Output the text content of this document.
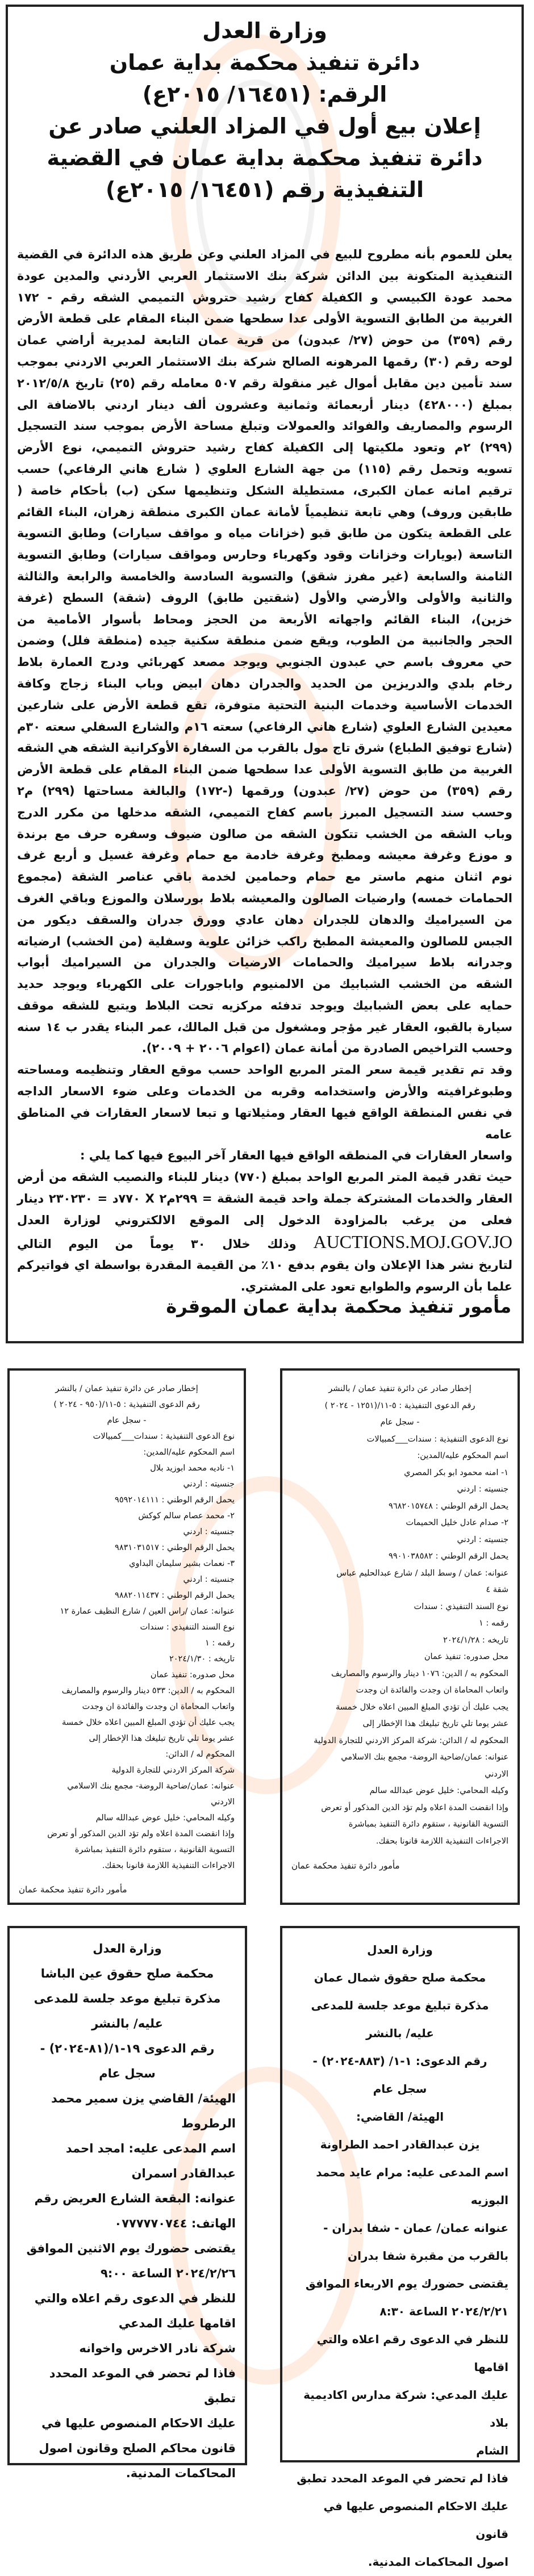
وزارة العدل
دائرة تنفيذ محكمة بداية عمان
الرقم: (١٦٤٥١/ ٢٠١٥ع)
إعلان بيع أول في المزاد العلني صادر عن
دائرة تنفيذ محكمة بداية عمان في القضية
التنفيذية رقم (١٦٤٥١/ ٢٠١٥ع)
يعلن للعموم بأنه مطروح للبيع في المزاد العلني وعن طريق هذه الدائرة في القضية
التنفيذية المتكونة بين الدائن شركة بنك الاستثمار العربي الأردني والمدين عودة
محمد عودة الكبيسي و الكفيلة كفاح رشيد حتروش التميمي الشقه رقم - ١٧٢
الغربية من الطابق التسوية الأولى عدا سطحها ضمن البناء المقام على قطعة الأرض
رقم (٣٥٩) من حوض (٢٧/ عبدون) من قرية عمان التابعة لمديرية أراضي عمان
لوحه رقم (٣٠) رقمها المرهونه الصالح شركة بنك الاستثمار العربي الاردني بموجب
سند تأمين دين مقابل أموال غير منقولة رقم ٥٠٧ معامله رقم (٢٥) تاريخ ٢٠١٢/٥/٨
بمبلغ (٤٢٨٠٠٠) دينار أربعمائة وثمانية وعشرون ألف دينار اردني بالاضافة الى
الرسوم والمصاريف والفوائد والعمولات وتبلغ مساحة الأرض بموجب سند التسجيل
(٢٩٩) ٢م وتعود ملكيتها إلى الكفيلة كفاح رشيد حتروش التميمي، نوع الأرض
تسويه وتحمل رقم (١١٥) من جهة الشارع العلوي ( شارع هاني الرفاعي) حسب
ترقيم امانه عمان الكبرى، مستطيلة الشكل وتنظيمها سكن (ب) بأحكام خاصة (
طابقين وروف) وهي تابعة تنظيمياً لأمانة عمان الكبرى منطقة زهران، البناء القائم
على القطعة يتكون من طابق قبو (خزانات مياه و مواقف سيارات) وطابق التسوية
التاسعة (بويارات وخزانات وقود وكهرباء وحارس ومواقف سيارات) وطابق التسوية
الثامنة والسابعة (غير مفرز شقق) والتسوية السادسة والخامسة والرابعة والثالثة
والثانية والأولى والأرضي والأول (شقتين طابق) الروف (شقة) السطح (غرفة
خزين)، البناء القائم واجهاته الأربعة من الحجز ومحاط بأسوار الأمامية من
الحجر والجانبية من الطوب، ويقع ضمن منطقة سكنية جيده (منطقة فلل) وضمن
حي معروف باسم حي عبدون الجنوبي ويوجد مصعد كهربائي ودرج العمارة بلاط
رخام بلدي والدريزين من الحديد والجدران دهان ابيض وباب البناء زجاج وكافة
الخدمات الأساسية وخدمات البنية التحتية متوفرة، تقع قطعة الأرض على شارعين
معيدين الشارع العلوي (شارع هاني الرفاعي) سعته ١٦م والشارع السفلي سعته ٣٠م
(شارع توفيق الطباع) شرق تاج مول بالقرب من السفارة الأوكرانية الشقه هي الشقه
الغربية من طابق التسوية الأولى عدا سطحها ضمن البناء المقام على قطعة الأرض
رقم (٣٥٩) من حوض (٢٧/ عبدون) ورقمها (-١٧٢) والبالغة مساحتها (٢٩٩) م٢
وحسب سند التسجيل المبرز باسم كفاح التميمي، الشقه مدخلها من مكرر الدرج
وباب الشقه من الخشب تتكون الشقه من صالون ضيوف وسفره حرف مع برندة
و موزع وغرفة معيشه ومطبخ وغرفة خادمة مع حمام وغرفة غسيل و أربع غرف
نوم اثنان منهم ماستر مع حمام وحمامين لخدمة باقي عناصر الشقة (مجموع
الحمامات خمسه) وارضيات الصالون والمعيشه بلاط بورسلان والموزع وباقي الغرف
من السيراميك والدهان للجدران دهان عادي وورق جدران والسقف ديكور من
الجبس للصالون والمعيشة المطبخ راكب خزائن علوية وسفلية (من الخشب) ارضياته
وجدرانه بلاط سيراميك والحمامات الارضيات والجدران من السيراميك أبواب
الشقه من الخشب الشبابيك من الالمنيوم واباجورات على الكهرباء ويوجد حديد
حمايه على بعض الشبابيك ويوجد تدفئه مركزيه تحت البلاط ويتبع للشقه موقف
سيارة بالقبو، العقار غير مؤجر ومشغول من قبل المالك، عمر البناء يقدر ب ١٤ سنه
وحسب التراخيص الصادرة من أمانة عمان (اعوام ٢٠٠٦ + ٢٠٠٩).
وقد تم تقدير قيمة سعر المتر المربع الواحد حسب موقع العقار وتنظيمه ومساحته
وطبوغرافيته والأرض واستخدامه وقربه من الخدمات وعلى ضوء الاسعار الداجه
في نفس المنطقة الواقع فيها العقار ومثيلاتها و تبعا لاسعار العقارات في المناطق عامه
واسعار العقارات في المنطقه الواقع فيها العقار آخر البيوع فيها كما يلي :
حيث تقدر قيمة المتر المربع الواحد بمبلغ (٧٧٠) دينار للبناء والنصيب الشقه من أرض
العقار والخدمات المشتركة جملة واحد قيمة الشقة = ٢٩٩م٢ X ٧٧٠د = ٢٣٠٢٣٠ دينار
فعلى من يرغب بالمزاودة الدخول إلى الموقع الالكتروني لوزارة العدل
AUCTIONS.MOJ.GOV.JO وذلك خلال ٣٠ يوماً من اليوم التالي
لتاريخ نشر هذا الإعلان وان يقوم بدفع ١٠٪ من القيمة المقدرة بواسطة اي فواتيركم
علما بأن الرسوم والطوابع تعود على المشتري.
مأمور تنفيذ محكمة بداية عمان الموقرة
إخطار صادر عن دائرة تنفيذ عمان / بالنشر
رقم الدعوى التنفيذية : ٥-١١/(٩٥٠ - ٢٠٢٤ )
- سجل عام
نوع الدعوى التنفيذية : سندات___كمبيالات
اسم المحكوم عليه/المدين:
١- ناديه محمد ابوزيد بلال
جنسيته : اردني
يحمل الرقم الوطني : ٩٥٩٢٠١٤١١١
٢- محمد عصام سالم كوكش
جنسيته : اردني
يحمل الرقم الوطني : ٩٨٣١٠٣١٥١٧
٣- نعمات بشير سليمان البداوي
جنسيته : اردني
يحمل الرقم الوطني : ٩٨٨٢٠١١٤٣٧
عنوانه: عمان /راس العين / شارع النظيف عمارة ١٢
نوع السند التنفيذي : سندات
رقمه : ١
تاريخه : ٢٠٢٤/١/٣٠
محل صدوره: تنفيذ عمان
المحكوم به / الدين: ٥٣٣ دينار والرسوم والمصاريف
واتعاب المحاماة ان وجدت والفائدة ان وجدت
يجب عليك أن تؤدي المبلغ المبين اعلاه خلال خمسة
عشر يوما تلي تاريخ تبليغك هذا الإخطار إلى
المحكوم له / الدائن:
شركة المركز الاردني للتجارة الدولية
عنوانه: عمان/ضاحية الروضة- مجمع بنك الاسلامي
الاردني
وكيله المحامي: خليل عوض عبدالله سالم
وإذا انقضت المدة اعلاه ولم تؤد الدين المذكور أو تعرض
التسوية القانونية ، ستقوم دائرة التنفيذ بمباشرة
الاجراءات التنفيذية اللازمة قانونا بحقك.
مأمور دائرة تنفيذ محكمة عمان
إخطار صادر عن دائرة تنفيذ عمان / بالنشر
رقم الدعوى التنفيذية : ٥-١١/(١٢٥١ - ٢٠٢٤ )
- سجل عام
نوع الدعوى التنفيذية : سندات___كمبيالات
اسم المحكوم عليه/المدين:
١- امنه محمود ابو بكر المصري
جنسيته : اردني
يحمل الرقم الوطني : ٩٦٨٢٠١٥٧٤٨
٢- صدام عادل خليل الحميمات
جنسيته : اردني
يحمل الرقم الوطني : ٩٩٠١٠٣٨٥٨٢
عنوانه: عمان / وسط البلد / شارع عبدالحليم عباس
شقة ٤
نوع السند التنفيذي : سندات
رقمه : ١
تاريخه : ٢٠٢٤/١/٢٨
محل صدوره: تنفيذ عمان
المحكوم به / الدين: ١٠٧٦ دينار والرسوم والمصاريف
واتعاب المحاماة ان وجدت والفائدة ان وجدت
يجب عليك أن تؤدي المبلغ المبين اعلاه خلال خمسة
عشر يوما تلي تاريخ تبليغك هذا الإخطار إلى
المحكوم له / الدائن: شركة المركز الاردني للتجارة الدولية
عنوانه: عمان/ضاحية الروضة- مجمع بنك الاسلامي
الاردني
وكيله المحامي: خليل عوض عبدالله سالم
وإذا انقضت المدة اعلاه ولم تؤد الدين المذكور أو تعرض
التسوية القانونية ، ستقوم دائرة التنفيذ بمباشرة
الاجراءات التنفيذية اللازمة قانونا بحقك.
مأمور دائرة تنفيذ محكمة عمان
وزارة العدل
محكمة صلح حقوق عين الباشا
مذكرة تبليغ موعد جلسة للمدعى
عليه/ بالنشر
رقم الدعوى ١٩-١/(٨١-٢٠٢٤) -
سجل عام
الهيئة/ القاضي يزن سمير محمد
الرطروط
اسم المدعى عليه: امجد احمد
عبدالقادر اسمران
عنوانه: البقعة الشارع العريض رقم
الهاتف: ٠٧٧٧٧٧٠٧٤٤
يقتضى حضورك يوم الاثنين الموافق
٢٠٢٤/٢/٢٦ الساعة ٩:٠٠
للنظر في الدعوى رقم اعلاه والتي
اقامها عليك المدعي
شركة نادر الاخرس واخوانه
فاذا لم تحضر في الموعد المحدد تطبق
عليك الاحكام المنصوص عليها في
قانون محاكم الصلح وقانون اصول
المحاكمات المدنية.
وزارة العدل
محكمة صلح حقوق شمال عمان
مذكرة تبليغ موعد جلسة للمدعى
عليه/ بالنشر
رقم الدعوى: ١-١/ (٨٨٣-٢٠٢٤) -
سجل عام
الهيئة/ القاضي:
يزن عبدالقادر احمد الطراونة
اسم المدعى عليه: مرام عايد محمد
البوزيه
عنوانه عمان/ عمان - شفا بدران -
بالقرب من مقبرة شفا بدران
يقتضى حضورك يوم الاربعاء الموافق
٢٠٢٤/٢/٢١ الساعة ٨:٣٠
للنظر في الدعوى رقم اعلاه والتي اقامها
عليك المدعي: شركة مدارس اكاديمية بلاد
الشام
فاذا لم تحضر في الموعد المحدد تطبق
عليك الاحكام المنصوص عليها في قانون
اصول المحاكمات المدنية.
